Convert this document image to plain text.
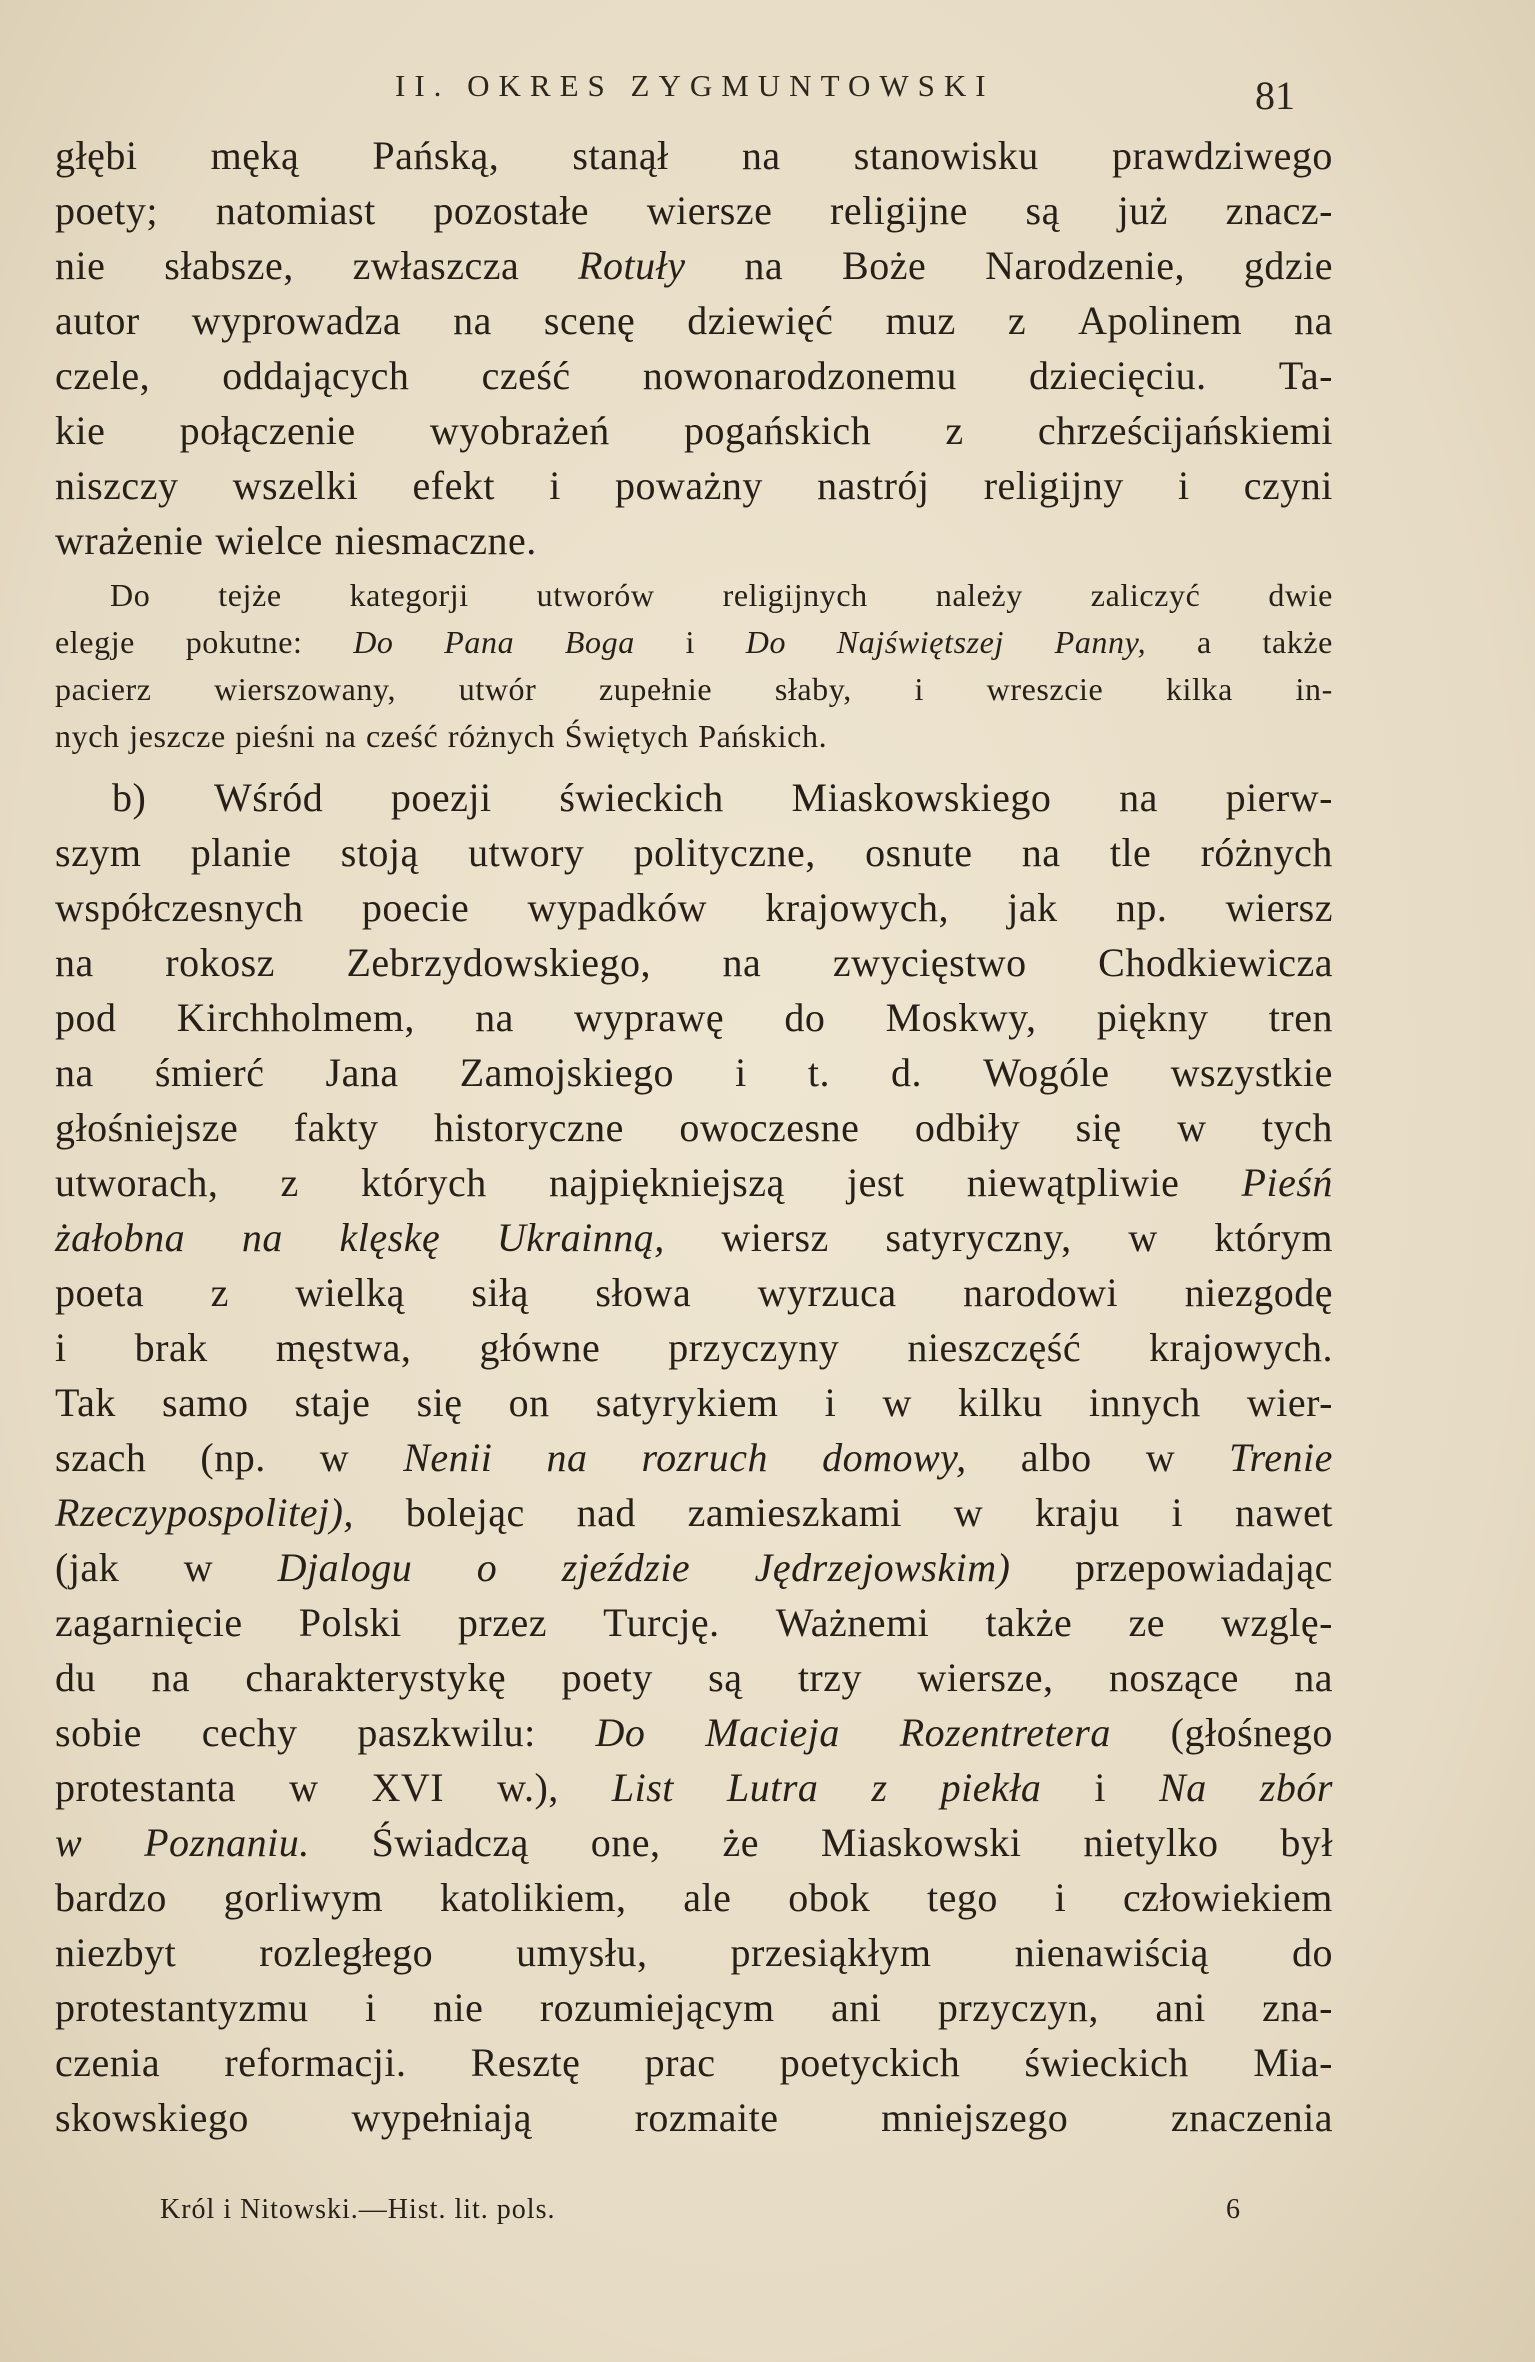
II. OKRES ZYGMUNTOWSKI	81
głębi męką Pańską, stanął na stanowisku prawdziwego
poety; natomiast pozostałe wiersze religijne są już znacz-
nie słabsze, zwłaszcza Rotuły na Boże Narodzenie, gdzie
autor wyprowadza na scenę dziewięć muz z Apolinem na
czele, oddających cześć nowonarodzonemu dziecięciu. Ta-
kie połączenie wyobrażeń pogańskich z chrześcijańskiemi
niszczy wszelki efekt i poważny nastrój religijny i czyni
wrażenie wielce niesmaczne.
Do tejże kategorji utworów religijnych należy zaliczyć dwie
elegje pokutne: Do Pana Boga i Do Najświętszej Panny, a także
pacierz wierszowany, utwór zupełnie słaby, i wreszcie kilka in-
nych jeszcze pieśni na cześć różnych Świętych Pańskich.
b) Wśród poezji świeckich Miaskowskiego na pierw-
szym planie stoją utwory polityczne, osnute na tle różnych
współczesnych poecie wypadków krajowych, jak np. wiersz
na rokosz Zebrzydowskiego, na zwycięstwo Chodkiewicza
pod Kirchholmem, na wyprawę do Moskwy, piękny tren
na śmierć Jana Zamojskiego i t. d. Wogóle wszystkie
głośniejsze fakty historyczne owoczesne odbiły się w tych
utworach, z których najpiękniejszą jest niewątpliwie Pieśń
żałobna na klęskę Ukrainną, wiersz satyryczny, w którym
poeta z wielką siłą słowa wyrzuca narodowi niezgodę
i brak męstwa, główne przyczyny nieszczęść krajowych.
Tak samo staje się on satyrykiem i w kilku innych wier-
szach (np. w Nenii na rozruch domowy, albo w Trenie
Rzeczypospolitej), bolejąc nad zamieszkami w kraju i nawet
(jak w Djalogu o zjeździe Jędrzejowskim) przepowiadając
zagarnięcie Polski przez Turcję. Ważnemi także ze wzglę-
du na charakterystykę poety są trzy wiersze, noszące na
sobie cechy paszkwilu: Do Macieja Rozentretera (głośnego
protestanta w XVI w.), List Lutra z piekła i Na zbór
w Poznaniu. Świadczą one, że Miaskowski nietylko był
bardzo gorliwym katolikiem, ale obok tego i człowiekiem
niezbyt rozległego umysłu, przesiąkłym nienawiścią do
protestantyzmu i nie rozumiejącym ani przyczyn, ani zna-
czenia reformacji. Resztę prac poetyckich świeckich Mia-
skowskiego	wypełniają	rozmaite	mniejszego	znaczenia
Król i Nitowski.—Hist. lit. pols.	6
